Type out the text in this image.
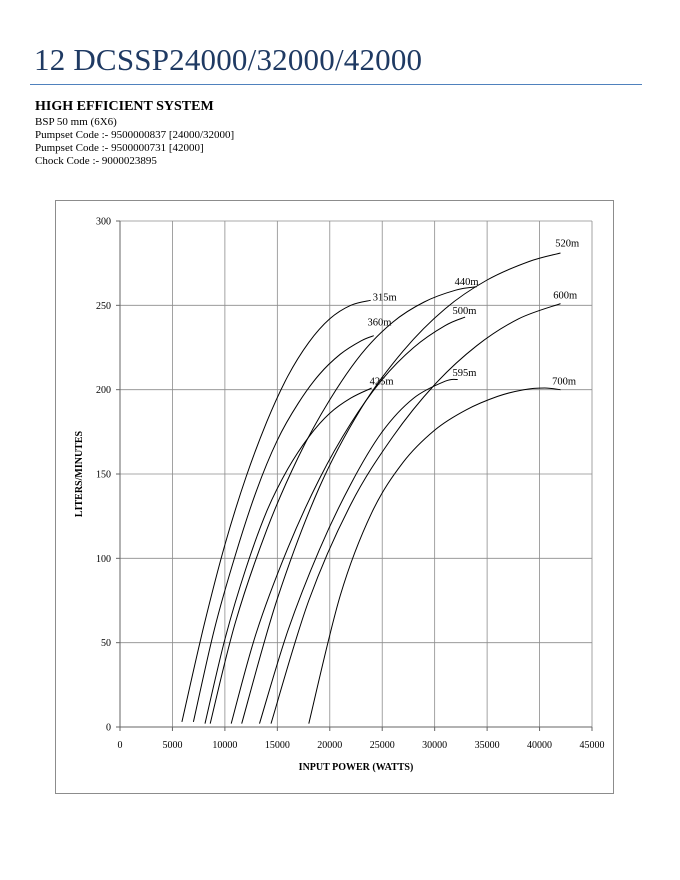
12 DCSSP24000/32000/42000
HIGH EFFICIENT SYSTEM
BSP 50 mm (6X6)
Pumpset Code :- 9500000837 [24000/32000]
Pumpset Code :- 9500000731 [42000]
Chock Code :- 9000023895
0
50
100
150
200
250
300
0	5000	10000	15000	20000	25000	30000	35000	40000	45000
INPUT POWER (WATTS)
LITERS/MINUTES
315m
360m
425m
440m
500m
520m
595m
600m
700m
